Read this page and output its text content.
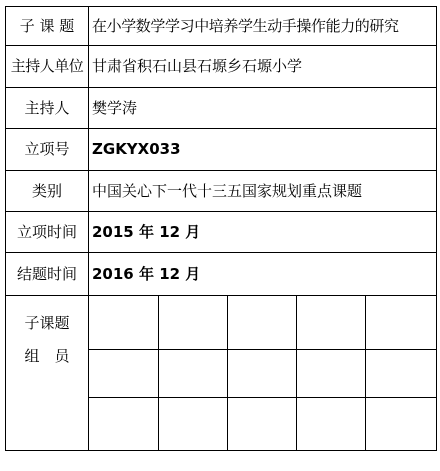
子 课 题	在小学数学学习中培养学生动手操作能力的研究
主持人单位 甘肃省积石山县石塬乡石塬小学
主持人	樊学涛
立项号	ZGKYX033
类别	中国关心下一代十三五国家规划重点课题
立项时间	2015 年 12 月
结题时间	2016 年 12 月
子课题
组　员
